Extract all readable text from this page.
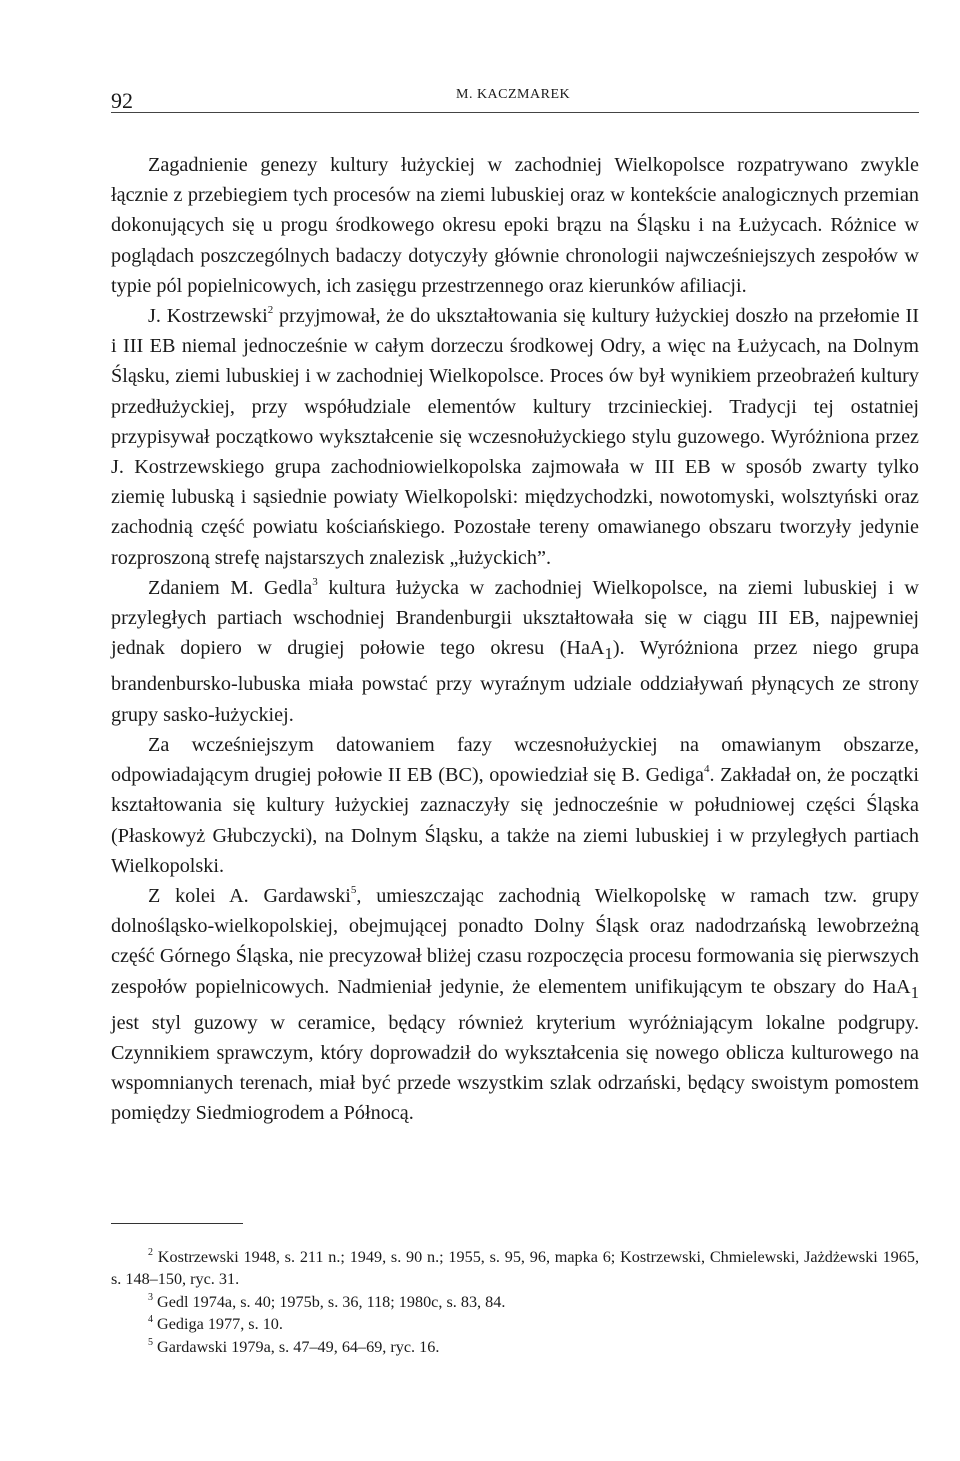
92	M. KACZMAREK

Zagadnienie genezy kultury łużyckiej w zachodniej Wielkopolsce rozpatrywano zwykle łącznie z przebiegiem tych procesów na ziemi lubuskiej oraz w kontekście analogicznych przemian dokonujących się u progu środkowego okresu epoki brązu na Śląsku i na Łużycach. Różnice w poglądach poszczególnych badaczy dotyczyły głównie chronologii najwcześniejszych zespołów w typie pól popielnicowych, ich zasięgu przestrzennego oraz kierunków afiliacji.

J. Kostrzewski$^2$ przyjmował, że do ukształtowania się kultury łużyckiej doszło na przełomie II i III EB niemal jednocześnie w całym dorzeczu środkowej Odry, a więc na Łużycach, na Dolnym Śląsku, ziemi lubuskiej i w zachodniej Wielkopolsce. Proces ów był wynikiem przeobrażeń kultury przedłużyckiej, przy współudziale elementów kultury trzcinieckiej. Tradycji tej ostatniej przypisywał początkowo wykształcenie się wczesnołużyckiego stylu guzowego. Wyróżniona przez J. Kostrzewskiego grupa zachodniowielkopolska zajmowała w III EB w sposób zwarty tylko ziemię lubuską i sąsiednie powiaty Wielkopolski: międzychodzki, nowotomyski, wolsztyński oraz zachodnią część powiatu kościańskiego. Pozostałe tereny omawianego obszaru tworzyły jedynie rozproszoną strefę najstarszych znalezisk „łużyckich”.

Zdaniem M. Gedla$^3$ kultura łużycka w zachodniej Wielkopolsce, na ziemi lubuskiej i w przyległych partiach wschodniej Brandenburgii ukształtowała się w ciągu III EB, najpewniej jednak dopiero w drugiej połowie tego okresu (HaA$_1$). Wyróżniona przez niego grupa brandenbursko-lubuska miała powstać przy wyraźnym udziale oddziaływań płynących ze strony grupy sasko-łużyckiej.

Za wcześniejszym datowaniem fazy wczesnołużyckiej na omawianym obszarze, odpowiadającym drugiej połowie II EB (BC), opowiedział się B. Gediga$^4$. Zakładał on, że początki kształtowania się kultury łużyckiej zaznaczyły się jednocześnie w południowej części Śląska (Płaskowyż Głubczycki), na Dolnym Śląsku, a także na ziemi lubuskiej i w przyległych partiach Wielkopolski.

Z kolei A. Gardawski$^5$, umieszczając zachodnią Wielkopolskę w ramach tzw. grupy dolnośląsko-wielkopolskiej, obejmującej ponadto Dolny Śląsk oraz nadodrzańską lewobrzeżną część Górnego Śląska, nie precyzował bliżej czasu rozpoczęcia procesu formowania się pierwszych zespołów popielnicowych. Nadmieniał jedynie, że elementem unifikującym te obszary do HaA$_1$ jest styl guzowy w ceramice, będący również kryterium wyróżniającym lokalne podgrupy. Czynnikiem sprawczym, który doprowadził do wykształcenia się nowego oblicza kulturowego na wspomnianych terenach, miał być przede wszystkim szlak odrzański, będący swoistym pomostem pomiędzy Siedmiogrodem a Północą.

$^2$ Kostrzewski 1948, s. 211 n.; 1949, s. 90 n.; 1955, s. 95, 96, mapka 6; Kostrzewski, Chmielewski, Jażdżewski 1965, s. 148–150, ryc. 31.

$^3$ Gedl 1974a, s. 40; 1975b, s. 36, 118; 1980c, s. 83, 84.

$^4$ Gediga 1977, s. 10.

$^5$ Gardawski 1979a, s. 47–49, 64–69, ryc. 16.
